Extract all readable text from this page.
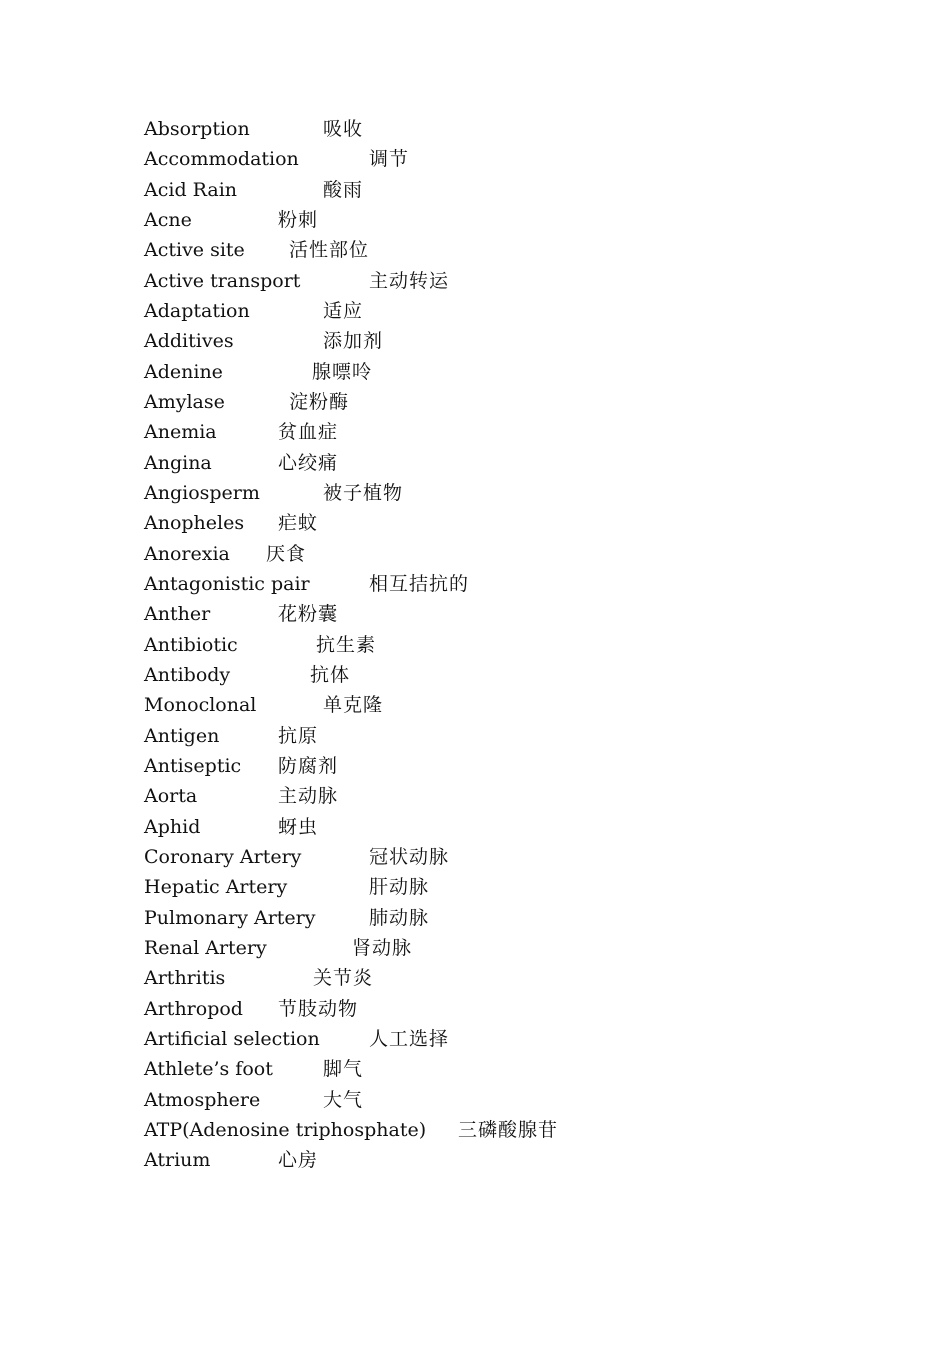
Absorption	吸收
Accommodation	调节
Acid Rain	酸雨
Acne	粉刺
Active site 活性部位
Active transport	主动转运
Adaptation	适应
Additives	添加剂
Adenine	腺嘌呤
Amylase	淀粉酶
Anemia	贫血症
Angina	心绞痛
Angiosperm	被子植物
Anopheles 疟蚊
Anorexia 厌食
Antagonistic pair	相互拮抗的
Anther	花粉囊
Antibiotic	抗生素
Antibody	抗体
Monoclonal	单克隆
Antigen	抗原
Antiseptic 防腐剂
Aorta	主动脉
Aphid	蚜虫
Coronary Artery	冠状动脉
Hepatic Artery	肝动脉
Pulmonary Artery	肺动脉
Renal Artery	肾动脉
Arthritis	关节炎
Arthropod 节肢动物
Artificial selection	人工选择
Athlete’s foot	脚气
Atmosphere	大气
ATP(Adenosine triphosphate) 三磷酸腺苷
Atrium	心房
